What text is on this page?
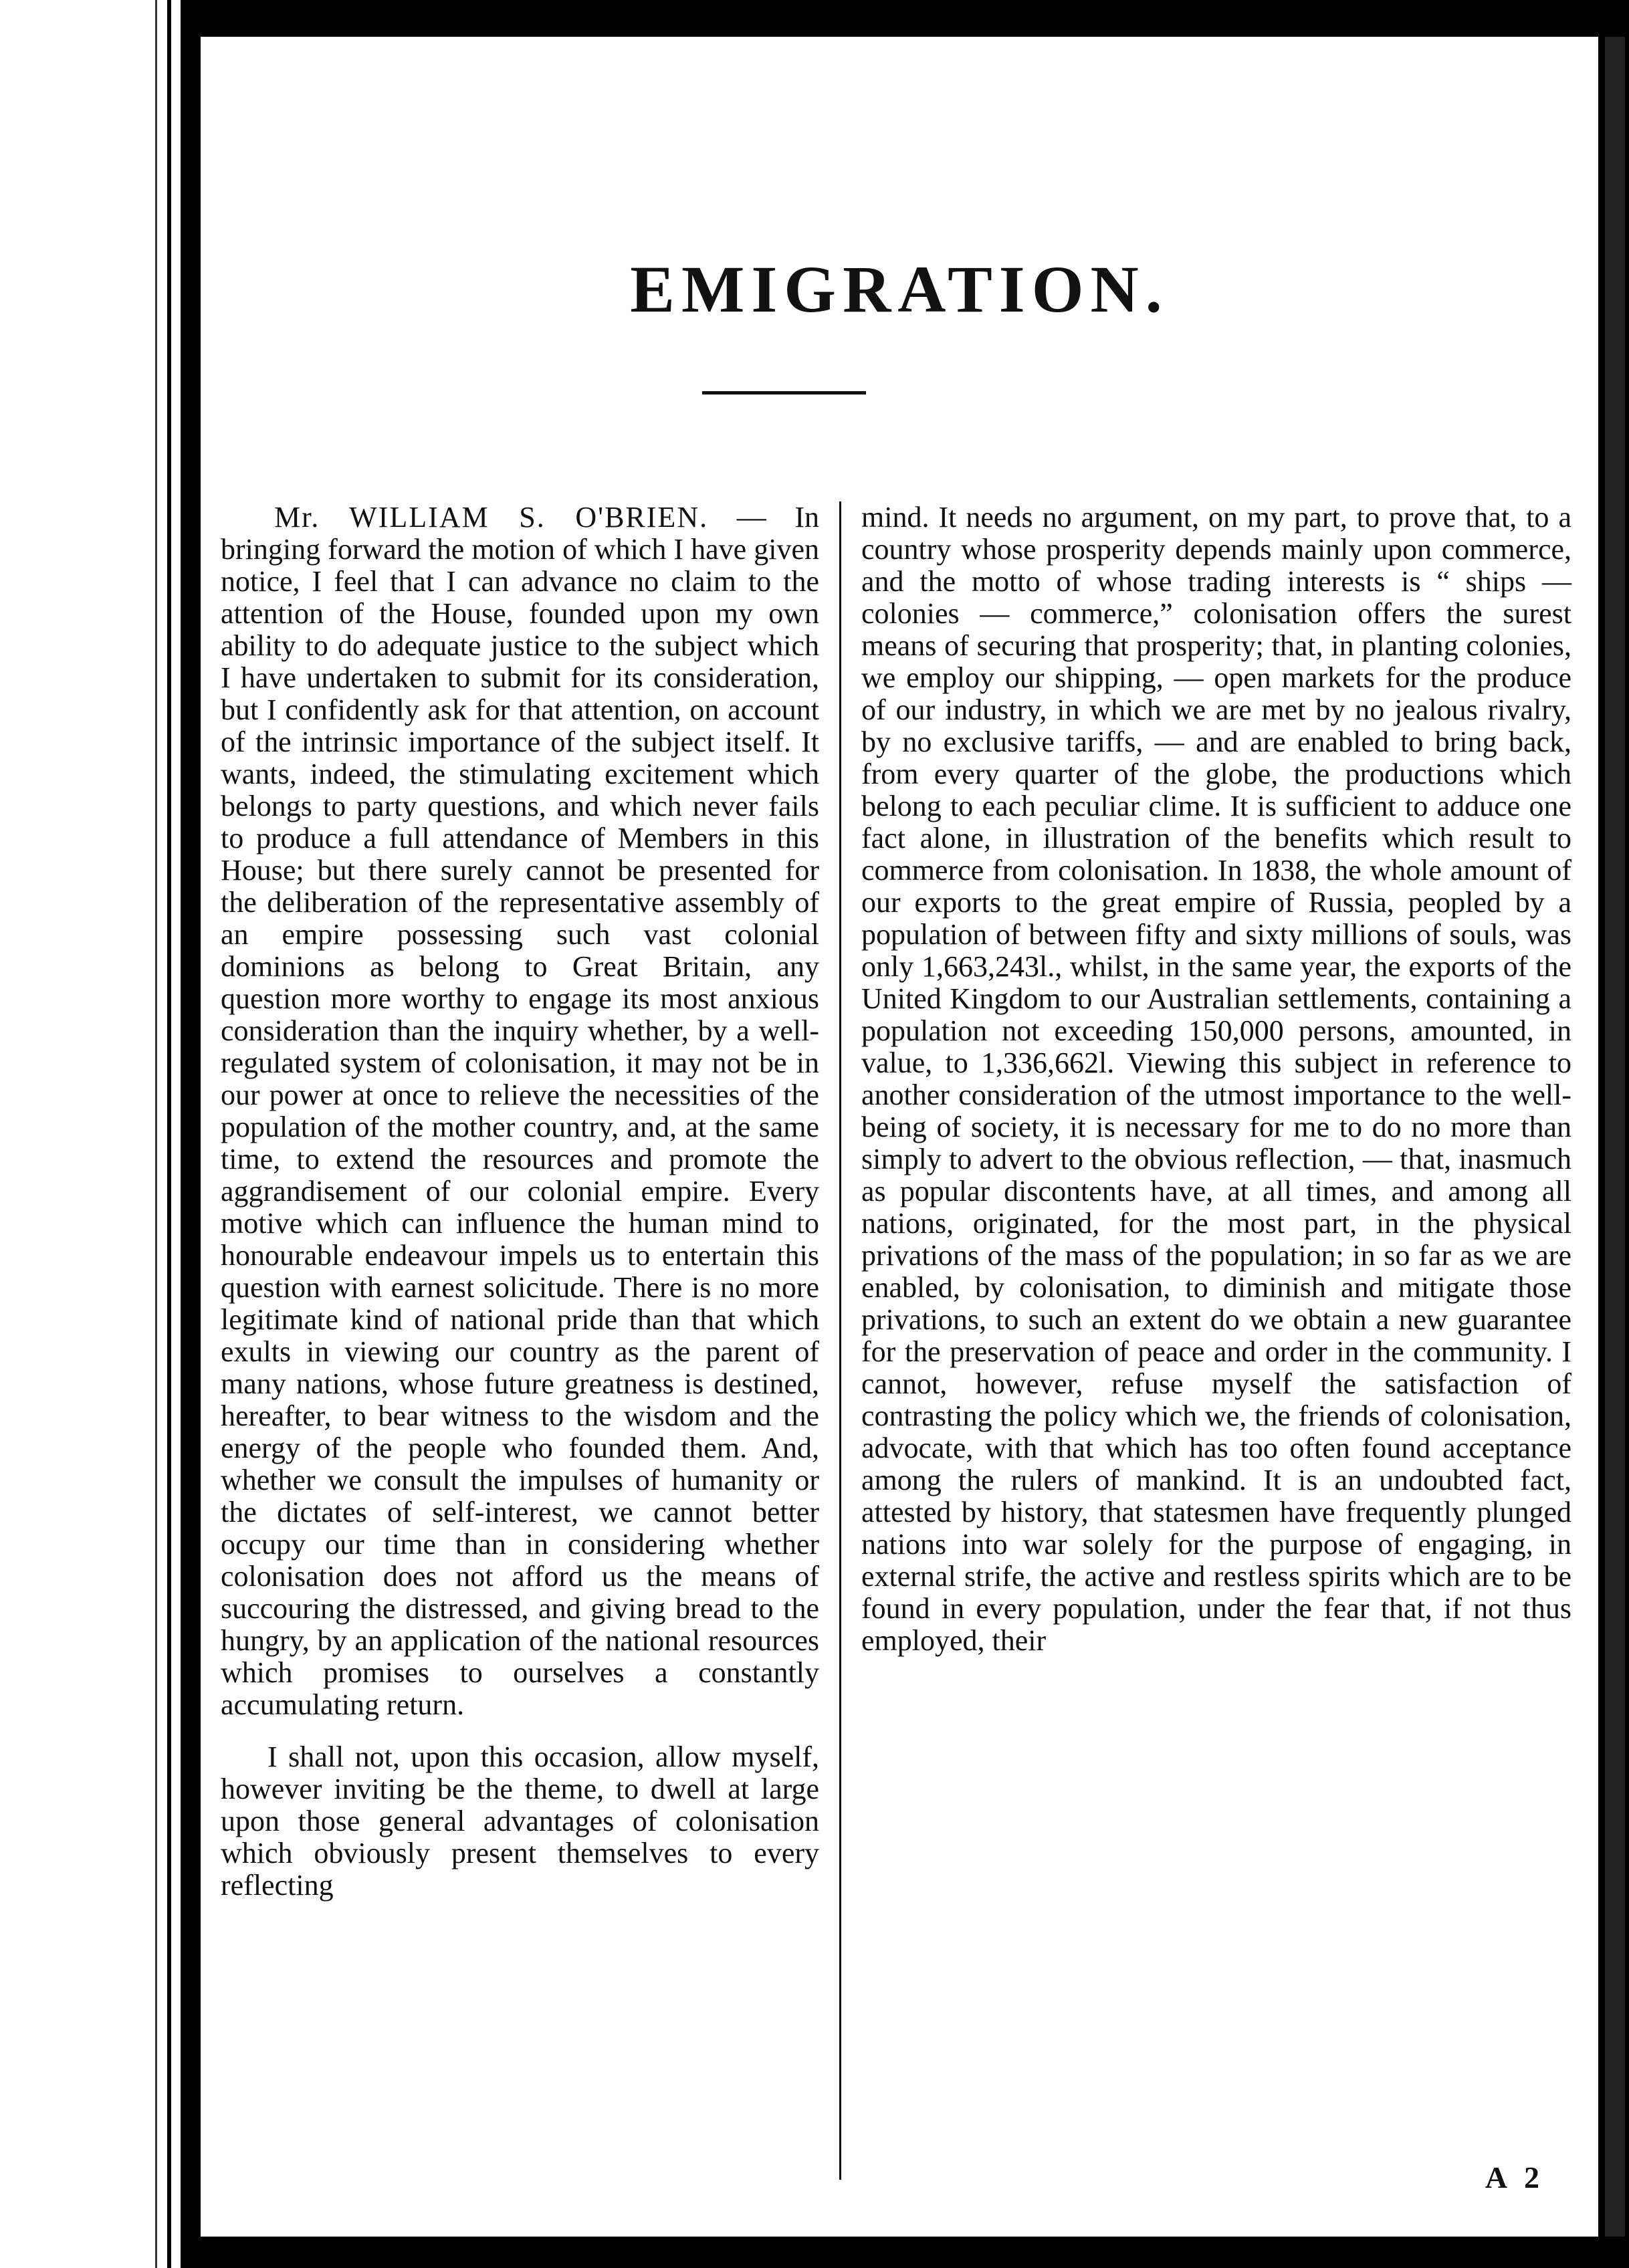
EMIGRATION.

Mr. WILLIAM S. O'BRIEN. — In bringing forward the motion of which I have given notice, I feel that I can advance no claim to the attention of the House, founded upon my own ability to do adequate justice to the subject which I have undertaken to submit for its consideration, but I confidently ask for that attention, on account of the intrinsic importance of the subject itself. It wants, indeed, the stimulating excitement which belongs to party questions, and which never fails to produce a full attendance of Members in this House; but there surely cannot be presented for the deliberation of the representative assembly of an empire possessing such vast colonial dominions as belong to Great Britain, any question more worthy to engage its most anxious consideration than the inquiry whether, by a well-regulated system of colonisation, it may not be in our power at once to relieve the necessities of the population of the mother country, and, at the same time, to extend the resources and promote the aggrandisement of our colonial empire. Every motive which can influence the human mind to honourable endeavour impels us to entertain this question with earnest solicitude. There is no more legitimate kind of national pride than that which exults in viewing our country as the parent of many nations, whose future greatness is destined, hereafter, to bear witness to the wisdom and the energy of the people who founded them. And, whether we consult the impulses of humanity or the dictates of self-interest, we cannot better occupy our time than in considering whether colonisation does not afford us the means of succouring the distressed, and giving bread to the hungry, by an application of the national resources which promises to ourselves a constantly accumulating return.

I shall not, upon this occasion, allow myself, however inviting be the theme, to dwell at large upon those general advantages of colonisation which obviously present themselves to every reflecting

mind. It needs no argument, on my part, to prove that, to a country whose prosperity depends mainly upon commerce, and the motto of whose trading interests is “ ships — colonies — commerce,” colonisation offers the surest means of securing that prosperity; that, in planting colonies, we employ our shipping, — open markets for the produce of our industry, in which we are met by no jealous rivalry, by no exclusive tariffs, — and are enabled to bring back, from every quarter of the globe, the productions which belong to each peculiar clime. It is sufficient to adduce one fact alone, in illustration of the benefits which result to commerce from colonisation. In 1838, the whole amount of our exports to the great empire of Russia, peopled by a population of between fifty and sixty millions of souls, was only 1,663,243l., whilst, in the same year, the exports of the United Kingdom to our Australian settlements, containing a population not exceeding 150,000 persons, amounted, in value, to 1,336,662l. Viewing this subject in reference to another consideration of the utmost importance to the well-being of society, it is necessary for me to do no more than simply to advert to the obvious reflection, — that, inasmuch as popular discontents have, at all times, and among all nations, originated, for the most part, in the physical privations of the mass of the population; in so far as we are enabled, by colonisation, to diminish and mitigate those privations, to such an extent do we obtain a new guarantee for the preservation of peace and order in the community. I cannot, however, refuse myself the satisfaction of contrasting the policy which we, the friends of colonisation, advocate, with that which has too often found acceptance among the rulers of mankind. It is an undoubted fact, attested by history, that statesmen have frequently plunged nations into war solely for the purpose of engaging, in external strife, the active and restless spirits which are to be found in every population, under the fear that, if not thus employed, their

A 2
